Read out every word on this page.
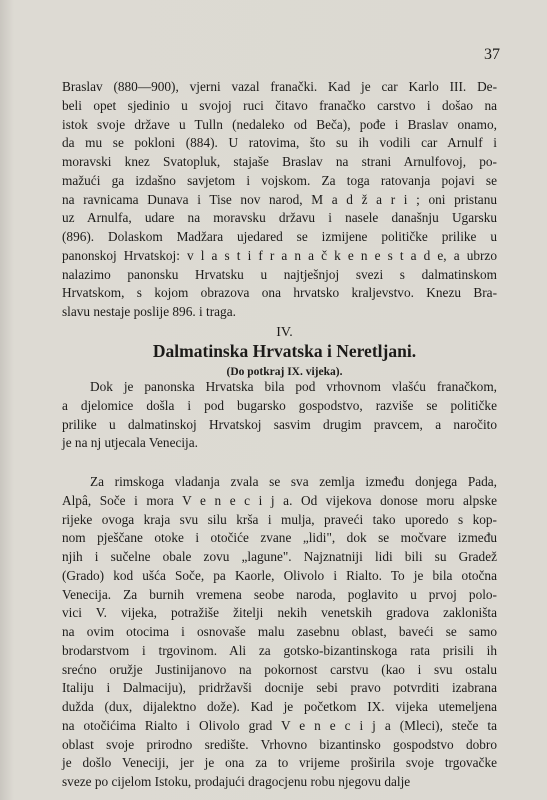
37
Braslav (880—900), vjerni vazal franački. Kad je car Karlo III. De-
beli opet sjedinio u svojoj ruci čitavo franačko carstvo i došao na
istok svoje države u Tulln (nedaleko od Beča), pođe i Braslav onamo,
da mu se pokloni (884). U ratovima, što su ih vodili car Arnulf i
moravski knez Svatopluk, stajaše Braslav na strani Arnulfovoj, po-
mažući ga izdašno savjetom i vojskom. Za toga ratovanja pojavi se
na ravnicama Dunava i Tise nov narod, M a d ž a r i ; oni pristanu
uz Arnulfa, udare na moravsku državu i nasele današnju Ugarsku
(896). Dolaskom Madžara ujedared se izmijene političke prilike u
panonskoj Hrvatskoj: v l a s t i f r a n a č k e n e s t a d e, a ubrzo
nalazimo panonsku Hrvatsku u najtješnjoj svezi s dalmatinskom
Hrvatskom, s kojom obrazova ona hrvatsko kraljevstvo. Knezu Bra-
slavu nestaje poslije 896. i traga.
IV.
Dalmatinska Hrvatska i Neretljani.
(Do potkraj IX. vijeka).
Dok je panonska Hrvatska bila pod vrhovnom vlašću franačkom,
a djelomice došla i pod bugarsko gospodstvo, razviše se političke
prilike u dalmatinskoj Hrvatskoj sasvim drugim pravcem, a naročito
je na nj utjecala Venecija.
Za rimskoga vladanja zvala se sva zemlja između donjega Pada,
Alpâ, Soče i mora V e n e c i j a. Od vijekova donose moru alpske
rijeke ovoga kraja svu silu krša i mulja, praveći tako uporedo s kop-
nom pješčane otoke i otočiće zvane „lidi", dok se močvare između
njih i sučelne obale zovu „lagune". Najznatniji lidi bili su Gradež
(Grado) kod ušća Soče, pa Kaorle, Olivolo i Rialto. To je bila otočna
Venecija. Za burnih vremena seobe naroda, poglavito u prvoj polo-
vici V. vijeka, potražiše žitelji nekih venetskih gradova zakloništa
na ovim otocima i osnovaše malu zasebnu oblast, baveći se samo
brodarstvom i trgovinom. Ali za gotsko-bizantinskoga rata prisili ih
srećno oružje Justinijanovo na pokornost carstvu (kao i svu ostalu
Italiju i Dalmaciju), pridržavši docnije sebi pravo potvrditi izabrana
dužda (dux, dijalektno dože). Kad je početkom IX. vijeka utemeljena
na otočićima Rialto i Olivolo grad V e n e c i j a (Mleci), steče ta
oblast svoje prirodno središte. Vrhovno bizantinsko gospodstvo dobro
je došlo Veneciji, jer je ona za to vrijeme proširila svoje trgovačke
sveze po cijelom Istoku, prodajući dragocjenu robu njegovu dalje
